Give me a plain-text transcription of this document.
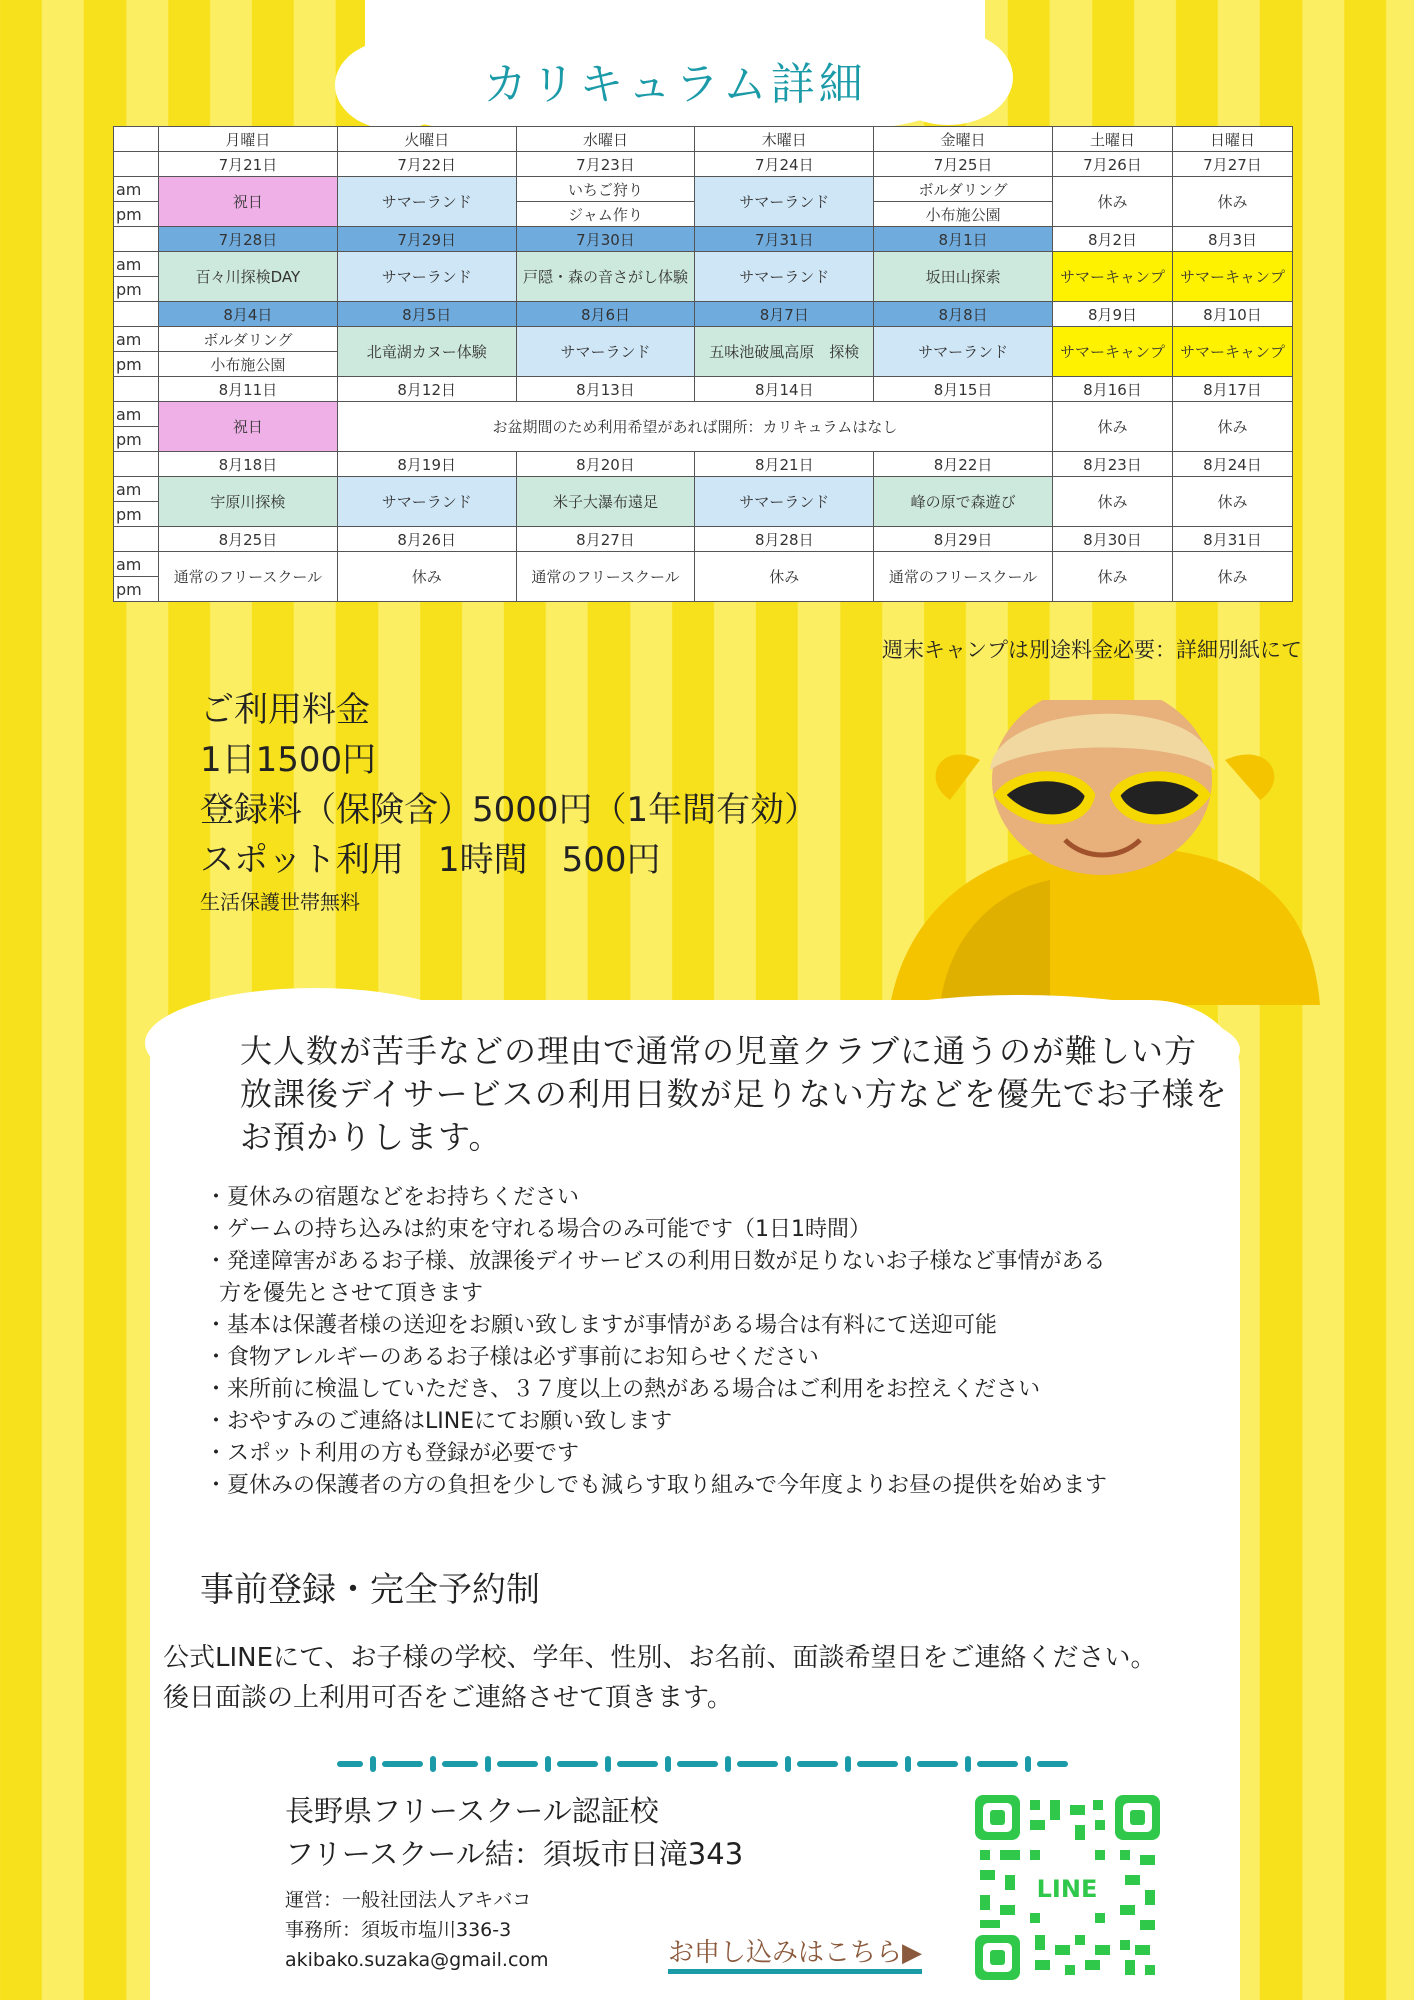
カリキュラム詳細
	月曜日	火曜日	水曜日	木曜日	金曜日	土曜日	日曜日
	7月21日	7月22日	7月23日	7月24日	7月25日	7月26日	7月27日
am	祝日	サマーランド	いちご狩り	サマーランド	ボルダリング	休み	休み
pm			ジャム作り		小布施公園		
	7月28日	7月29日	7月30日	7月31日	8月1日	8月2日	8月3日
am	百々川探検DAY	サマーランド	戸隠・森の音さがし体験	サマーランド	坂田山探索	サマーキャンプ	サマーキャンプ
pm							
	8月4日	8月5日	8月6日	8月7日	8月8日	8月9日	8月10日
am	ボルダリング	北竜湖カヌー体験	サマーランド	五味池破風高原　探検	サマーランド	サマーキャンプ	サマーキャンプ
pm	小布施公園						
	8月11日	8月12日	8月13日	8月14日	8月15日	8月16日	8月17日
am	祝日	お盆期間のため利用希望があれば開所：カリキュラムはなし				休み	休み
pm							
	8月18日	8月19日	8月20日	8月21日	8月22日	8月23日	8月24日
am	宇原川探検	サマーランド	米子大瀑布遠足	サマーランド	峰の原で森遊び	休み	休み
pm							
	8月25日	8月26日	8月27日	8月28日	8月29日	8月30日	8月31日
am	通常のフリースクール	休み	通常のフリースクール	休み	通常のフリースクール	休み	休み
pm							
週末キャンプは別途料金必要：詳細別紙にて
ご利用料金
1日1500円
登録料（保険含）5000円（1年間有効）
スポット利用　1時間　500円
生活保護世帯無料
大人数が苦手などの理由で通常の児童クラブに通うのが難しい方
放課後デイサービスの利用日数が足りない方などを優先でお子様を
お預かりします。
・ 夏休みの宿題などをお持ちください
・ ゲームの持ち込みは約束を守れる場合のみ可能です（1日1時間）
・ 発達障害があるお子様、放課後デイサービスの利用日数が足りないお子様など事情がある
方を優先とさせて頂きます
・ 基本は保護者様の送迎をお願い致しますが事情がある場合は有料にて送迎可能
・ 食物アレルギーのあるお子様は必ず事前にお知らせください
・ 来所前に検温していただき、３７度以上の熱がある場合はご利用をお控えください
・ おやすみのご連絡はLINEにてお願い致します
・ スポット利用の方も登録が必要です
・ 夏休みの保護者の方の負担を少しでも減らす取り組みで今年度よりお昼の提供を始めます
事前登録・完全予約制
公式LINEにて、お子様の学校、学年、性別、お名前、面談希望日をご連絡ください。
後日面談の上利用可否をご連絡させて頂きます。
長野県フリースクール認証校
フリースクール結：須坂市日滝343
運営：一般社団法人アキバコ
事務所：須坂市塩川336-3
akibako.suzaka@gmail.com	お申し込みはこちら▶
LINE
